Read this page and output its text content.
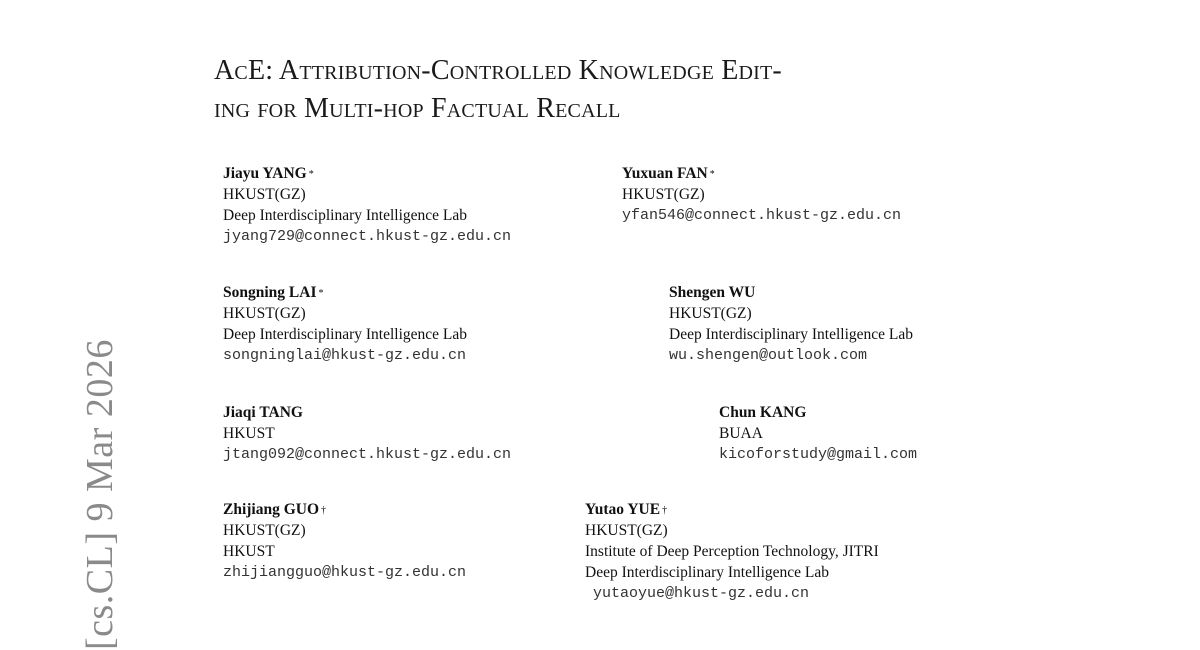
[cs.CL] 9 Mar 2026
AcE: Attribution-Controlled Knowledge Edit-
ing for Multi-hop Factual Recall
Jiayu YANG *
HKUST(GZ)
Deep Interdisciplinary Intelligence Lab
jyang729@connect.hkust-gz.edu.cn
Yuxuan FAN *
HKUST(GZ)
yfan546@connect.hkust-gz.edu.cn
Songning LAI *
HKUST(GZ)
Deep Interdisciplinary Intelligence Lab
songninglai@hkust-gz.edu.cn
Shengen WU
HKUST(GZ)
Deep Interdisciplinary Intelligence Lab
wu.shengen@outlook.com
Jiaqi TANG
HKUST
jtang092@connect.hkust-gz.edu.cn
Chun KANG
BUAA
kicoforstudy@gmail.com
Zhijiang GUO †
HKUST(GZ)
HKUST
zhijiangguo@hkust-gz.edu.cn
Yutao YUE †
HKUST(GZ)
Institute of Deep Perception Technology, JITRI
Deep Interdisciplinary Intelligence Lab
yutaoyue@hkust-gz.edu.cn
